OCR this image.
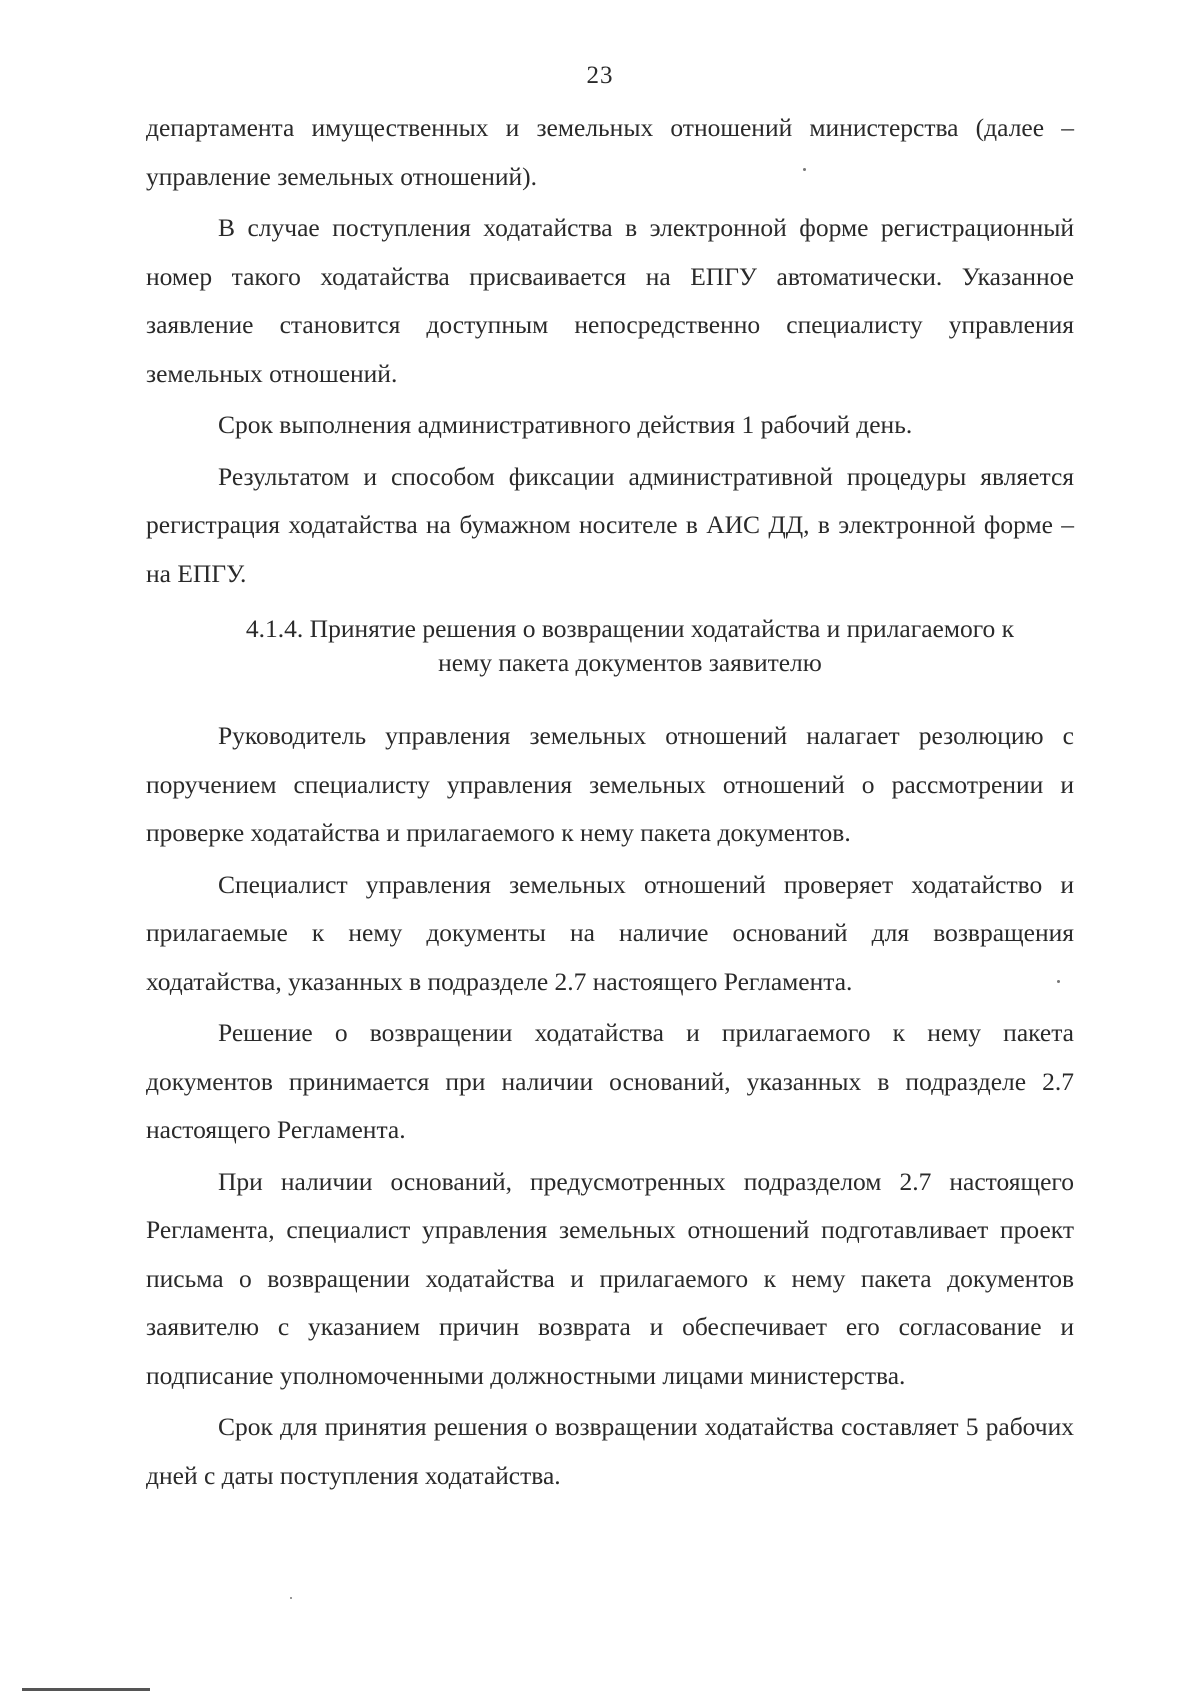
23

департамента имущественных и земельных отношений министерства (далее – управление земельных отношений).

В случае поступления ходатайства в электронной форме регистрационный номер такого ходатайства присваивается на ЕПГУ автоматически. Указанное заявление становится доступным непосредственно специалисту управления земельных отношений.

Срок выполнения административного действия 1 рабочий день.

Результатом и способом фиксации административной процедуры является регистрация ходатайства на бумажном носителе в АИС ДД, в электронной форме – на ЕПГУ.

4.1.4. Принятие решения о возвращении ходатайства и прилагаемого к
нему пакета документов заявителю

Руководитель управления земельных отношений налагает резолюцию с поручением специалисту управления земельных отношений о рассмотрении и проверке ходатайства и прилагаемого к нему пакета документов.

Специалист управления земельных отношений проверяет ходатайство и прилагаемые к нему документы на наличие оснований для возвращения ходатайства, указанных в подразделе 2.7 настоящего Регламента.

Решение о возвращении ходатайства и прилагаемого к нему пакета документов принимается при наличии оснований, указанных в подразделе 2.7 настоящего Регламента.

При наличии оснований, предусмотренных подразделом 2.7 настоящего Регламента, специалист управления земельных отношений подготавливает проект письма о возвращении ходатайства и прилагаемого к нему пакета документов заявителю с указанием причин возврата и обеспечивает его согласование и подписание уполномоченными должностными лицами министерства.

Срок для принятия решения о возвращении ходатайства составляет 5 рабочих дней с даты поступления ходатайства.
